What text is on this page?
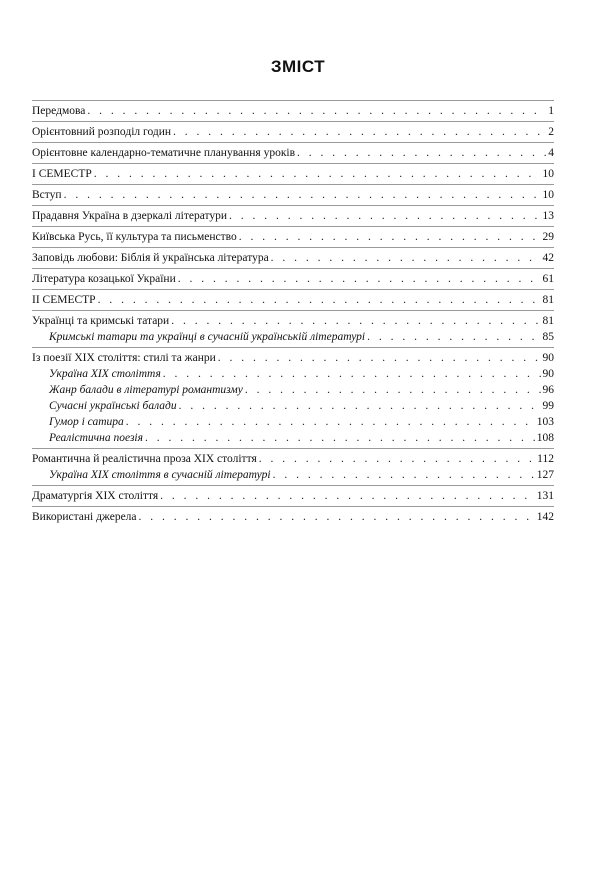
ЗМІСТ
Передмова . . .	1
Орієнтовний розподіл годин . . .	2
Орієнтовне календарно-тематичне планування уроків . . .	4
І СЕМЕСТР . . .	10
Вступ . . .	10
Прадавня Україна в дзеркалі літератури . . .	13
Київська Русь, її культура та письменство . . .	29
Заповідь любови: Біблія й українська література . . .	42
Література козацької України . . .	61
ІІ СЕМЕСТР . . .	81
Українці та кримські татари . . .	81
Кримські татари та українці в сучасній українській літературі . . .	85
Із поезії ХІХ століття: стилі та жанри . . .	90
Україна ХІХ століття . . .	90
Жанр балади в літературі романтизму . . .	96
Сучасні українські балади . . .	99
Гумор і сатира . . .	103
Реалістична поезія . . .	108
Романтична й реалістична проза ХІХ століття . . .	112
Україна ХІХ століття в сучасній літературі . . .	127
Драматургія ХІХ століття . . .	131
Використані джерела . . .	142
